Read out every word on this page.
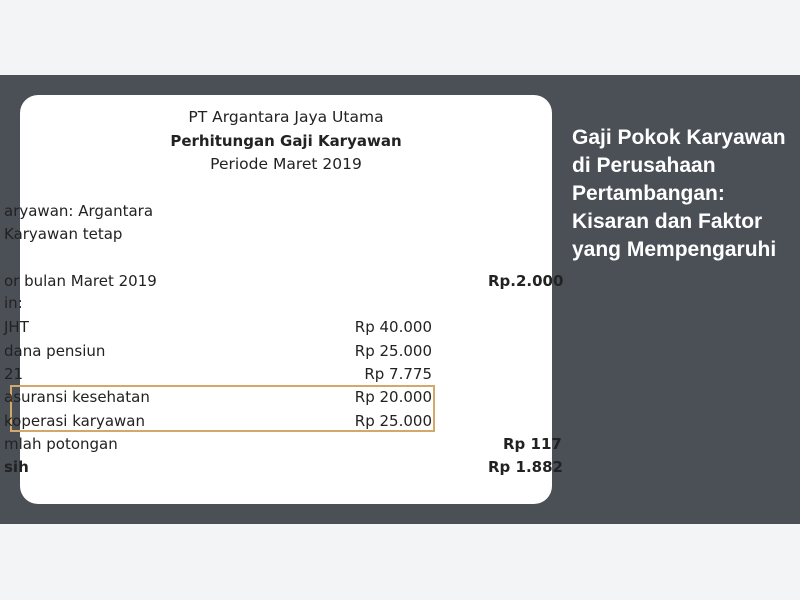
PT Argantara Jaya Utama
Perhitungan Gaji Karyawan
Periode Maret 2019
aryawan: Argantara
Karyawan tetap
or bulan Maret 2019	Rp.2.000
in:
JHT	Rp 40.000
dana pensiun	Rp 25.000
21	Rp 7.775
asuransi kesehatan	Rp 20.000
koperasi karyawan	Rp 25.000
mlah potongan	Rp 117
sih	Rp 1.882
Gaji Pokok Karyawan di Perusahaan Pertambangan: Kisaran dan Faktor yang Mempengaruhi
